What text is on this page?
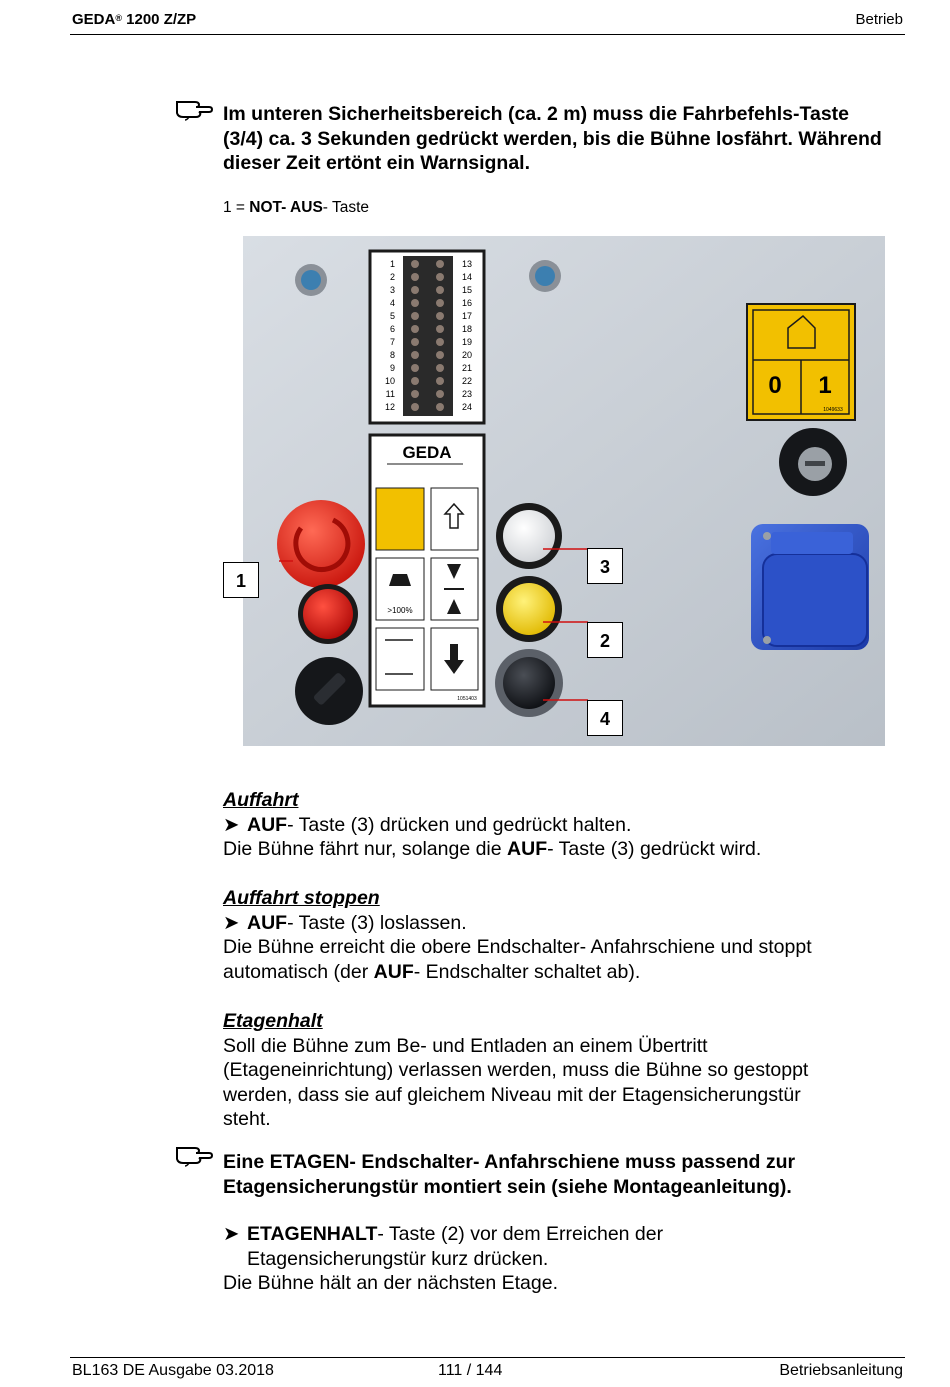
GEDA® 1200 Z/ZP	Betrieb
Im unteren Sicherheitsbereich (ca. 2 m) muss die Fahrbefehls-Taste (3/4) ca. 3 Sekunden gedrückt werden, bis die Bühne losfährt. Während dieser Zeit ertönt ein Warnsignal.
1 = NOT- AUS- Taste
1
2
3
4
5
6
7
8
9
10
11
12
13
14
15
16
17
18
19
20
21
22
23
24
0 1
1049633
GEDA
>100%
1051403
1
3
2
4
Auffahrt
➤ AUF- Taste (3) drücken und gedrückt halten.
Die Bühne fährt nur, solange die AUF- Taste (3) gedrückt wird.
Auffahrt stoppen
➤ AUF- Taste (3) loslassen.
Die Bühne erreicht die obere Endschalter- Anfahrschiene und stoppt
automatisch (der AUF- Endschalter schaltet ab).
Etagenhalt
Soll die Bühne zum Be- und Entladen an einem Übertritt
(Etageneinrichtung) verlassen werden, muss die Bühne so gestoppt
werden, dass sie auf gleichem Niveau mit der Etagensicherungstür
steht.
Eine ETAGEN- Endschalter- Anfahrschiene muss passend zur Etagensicherungstür montiert sein (siehe Montageanleitung).
➤ ETAGENHALT- Taste (2) vor dem Erreichen der
Etagensicherungstür kurz drücken.
Die Bühne hält an der nächsten Etage.
BL163 DE Ausgabe 03.2018	111 / 144	Betriebsanleitung
